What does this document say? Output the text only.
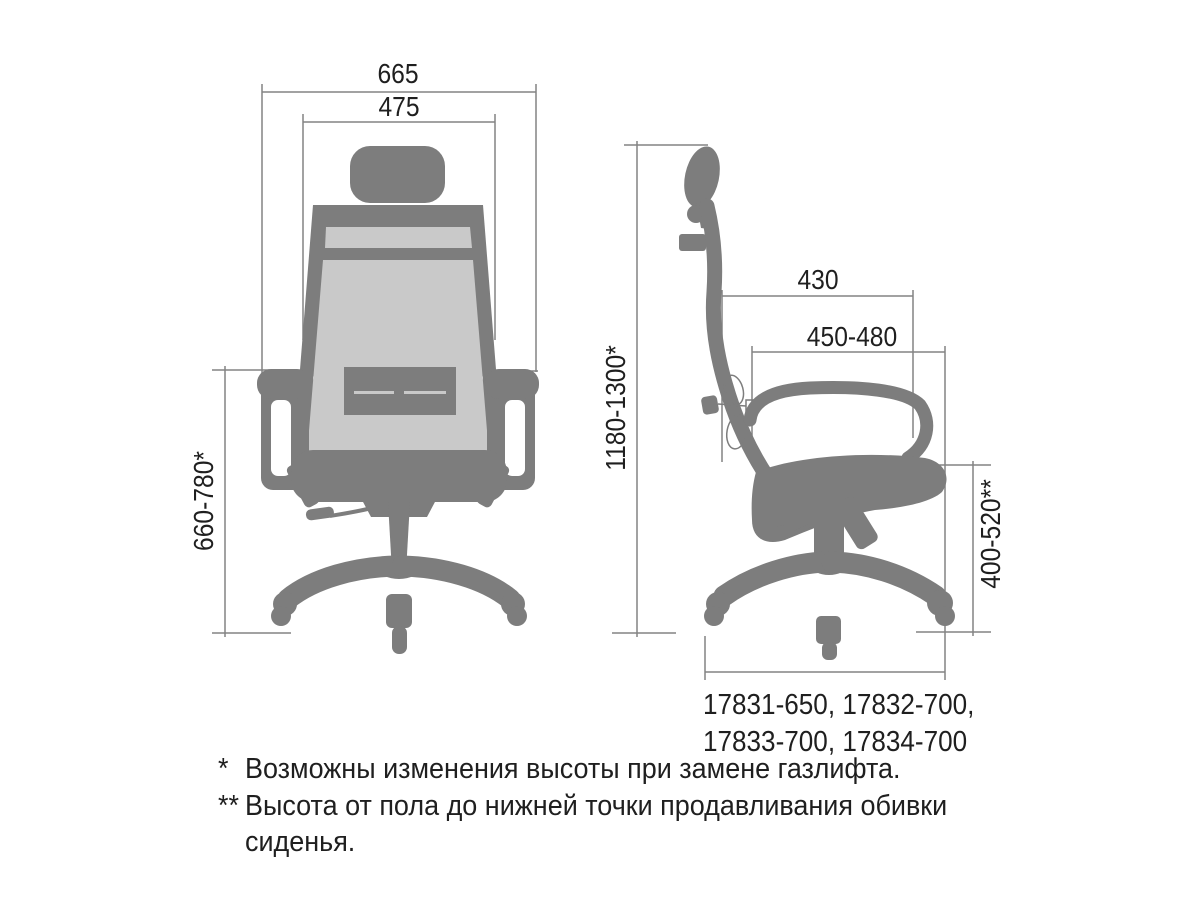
665
475
660-780*
1180-1300*
430
450-480
400-520**
17831-650, 17832-700,
17833-700, 17834-700
* Возможны изменения высоты при замене газлифта.
** Высота от пола до нижней точки продавливания обивки
сиденья.
